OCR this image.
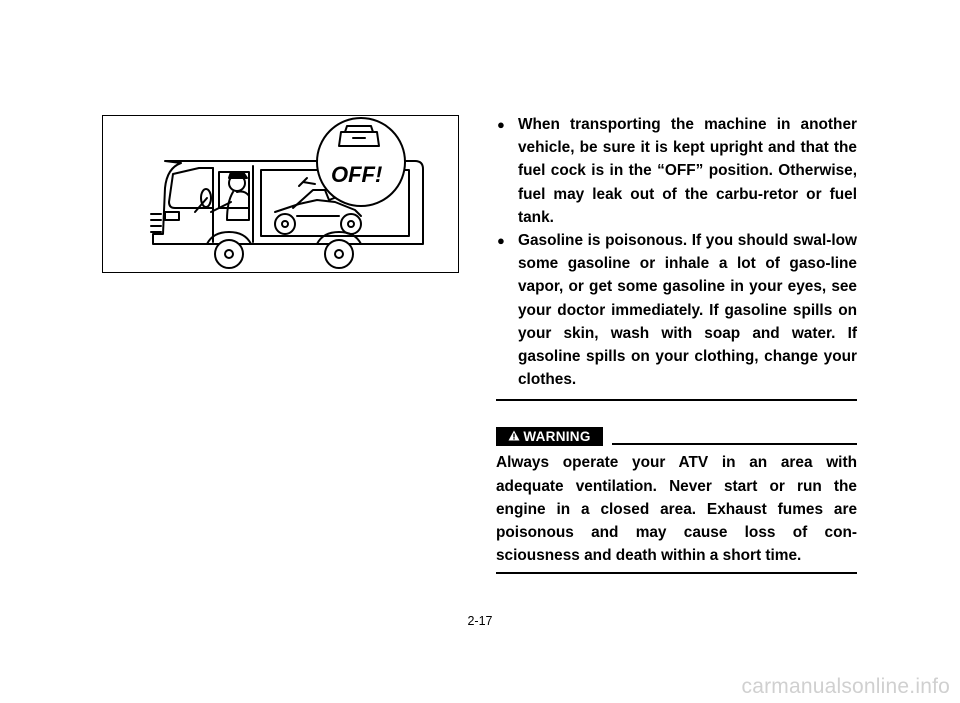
OFF!
● When transporting the machine in another vehicle, be sure it is kept upright and that the fuel cock is in the “OFF” position. Otherwise, fuel may leak out of the carbu-retor or fuel tank.
● Gasoline is poisonous. If you should swal-low some gasoline or inhale a lot of gaso-line vapor, or get some gasoline in your eyes, see your doctor immediately. If gasoline spills on your skin, wash with soap and water. If gasoline spills on your clothing, change your clothes.
WARNING
Always operate your ATV in an area with adequate ventilation. Never start or run the engine in a closed area. Exhaust fumes are poisonous and may cause loss of con-sciousness and death within a short time.
2-17
carmanualsonline.info
